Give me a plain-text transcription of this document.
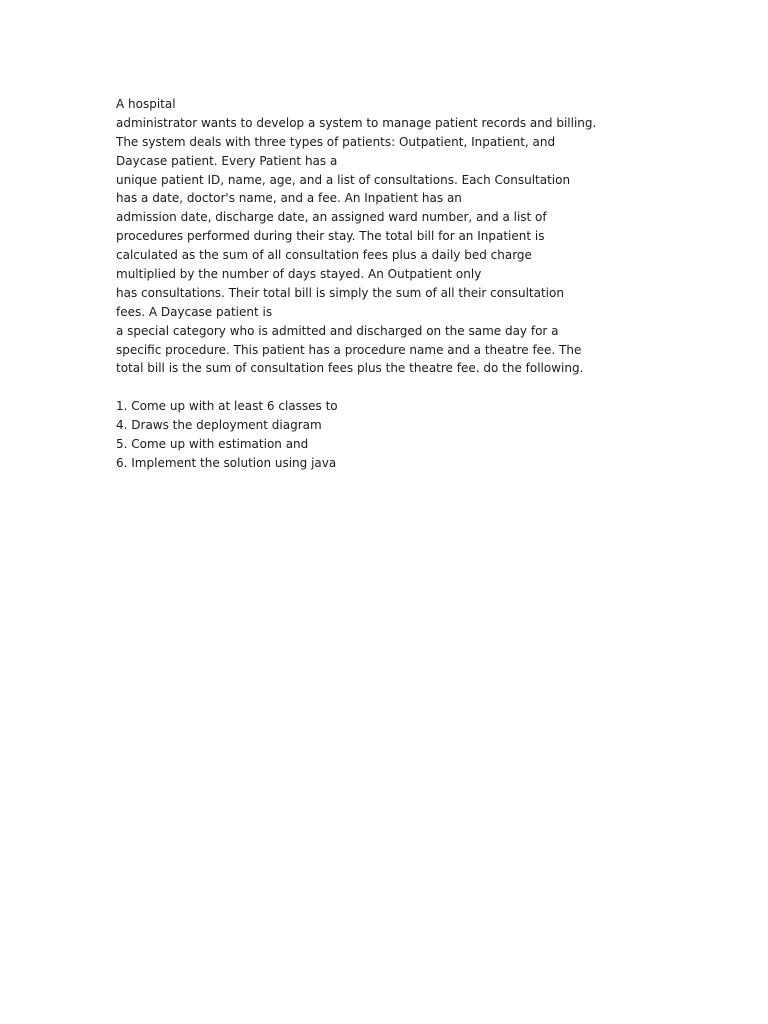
A hospital
administrator wants to develop a system to manage patient records and billing.
The system deals with three types of patients: Outpatient, Inpatient, and
Daycase patient. Every Patient has a
unique patient ID, name, age, and a list of consultations. Each Consultation
has a date, doctor's name, and a fee. An Inpatient has an
admission date, discharge date, an assigned ward number, and a list of
procedures performed during their stay. The total bill for an Inpatient is
calculated as the sum of all consultation fees plus a daily bed charge
multiplied by the number of days stayed. An Outpatient only
has consultations. Their total bill is simply the sum of all their consultation
fees. A Daycase patient is
a special category who is admitted and discharged on the same day for a
specific procedure. This patient has a procedure name and a theatre fee. The
total bill is the sum of consultation fees plus the theatre fee. do the following.
1. Come up with at least 6 classes to
4. Draws the deployment diagram
5. Come up with estimation and
6. Implement the solution using java
